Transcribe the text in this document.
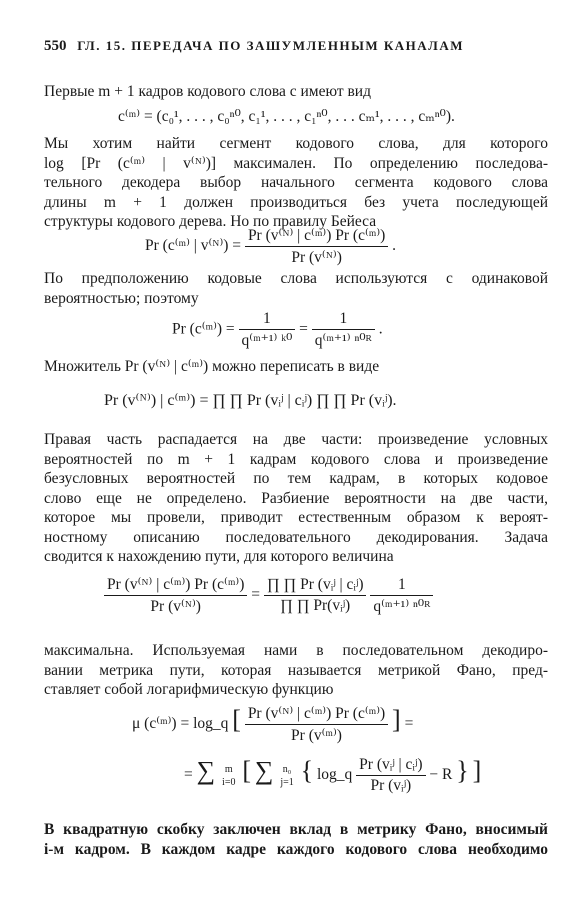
550 ГЛ. 15. ПЕРЕДАЧА ПО ЗАШУМЛЕННЫМ КАНАЛАМ
Первые m + 1 кадров кодового слова c имеют вид
c⁽ᵐ⁾ = (c₀¹, . . . , c₀ⁿ⁰, c₁¹, . . . , c₁ⁿ⁰, . . . cₘ¹, . . . , cₘⁿ⁰).
Мы хотим найти сегмент кодового слова, для которого
log [Pr (c⁽ᵐ⁾ | v⁽ᴺ⁾)] максимален. По определению последова-
тельного декодера выбор начального сегмента кодового слова
длины m + 1 должен производиться без учета последующей
структуры кодового дерева. Но по правилу Бейеса
Pr (c⁽ᵐ⁾ | v⁽ᴺ⁾) = $\frac{\text{Pr (v⁽ᴺ⁾ | c⁽ᵐ⁾) Pr (c⁽ᵐ⁾)}}{\text{Pr (v⁽ᴺ⁾)}}$ .
По предположению кодовые слова используются с одинаковой
вероятностью; поэтому
Pr (c⁽ᵐ⁾) = $\frac{1}{\text{q⁽ᵐ⁺¹⁾ ᵏ⁰}} = \frac{1}{\text{q⁽ᵐ⁺¹⁾ ⁿ⁰ᴿ}}$ .
Множитель Pr (v⁽ᴺ⁾ | c⁽ᵐ⁾) можно переписать в виде
Pr (v⁽ᴺ⁾) | c⁽ᵐ⁾) = ∏ ∏ Pr (vᵢʲ | cᵢʲ) ∏ ∏ Pr (vᵢʲ).
Правая часть распадается на две части: произведение условных
вероятностей по m + 1 кадрам кодового слова и произведение
безусловных вероятностей по тем кадрам, в которых кодовое
слово еще не определено. Разбиение вероятности на две части,
которое мы провели, приводит естественным образом к вероят-
ностному описанию последовательного декодирования. Задача
сводится к нахождению пути, для которого величина
$\frac{\text{Pr (v⁽ᴺ⁾ | c⁽ᵐ⁾) Pr (c⁽ᵐ⁾)}}{\text{Pr (v⁽ᴺ⁾)}} = \frac{\text{∏ ∏ Pr (vᵢʲ | cᵢʲ)}}{\text{∏ ∏ Pr(vᵢʲ)}}$
$\frac{1}{\text{q⁽ᵐ⁺¹⁾ ⁿ⁰ᴿ}}$
максимальна. Используемая нами в последовательном декодиро-
вании метрика пути, которая называется метрикой Фано, пред-
ставляет собой логарифмическую функцию
μ (c⁽ᵐ⁾) = log_q [ $\frac{\text{Pr (v⁽ᴺ⁾ | c⁽ᵐ⁾) Pr (c⁽ᵐ⁾)}}{\text{Pr (v⁽ᵐ⁾)}}$ ] =
= ∑ m
i=0 [ ∑ n₀
j=1 { log_q $\frac{\text{Pr (vᵢʲ | cᵢʲ)}}{\text{Pr (vᵢʲ)}} - R$ } ]
В квадратную скобку заключен вклад в метрику Фано, вносимый
i-м кадром. В каждом кадре каждого кодового слова необходимо
